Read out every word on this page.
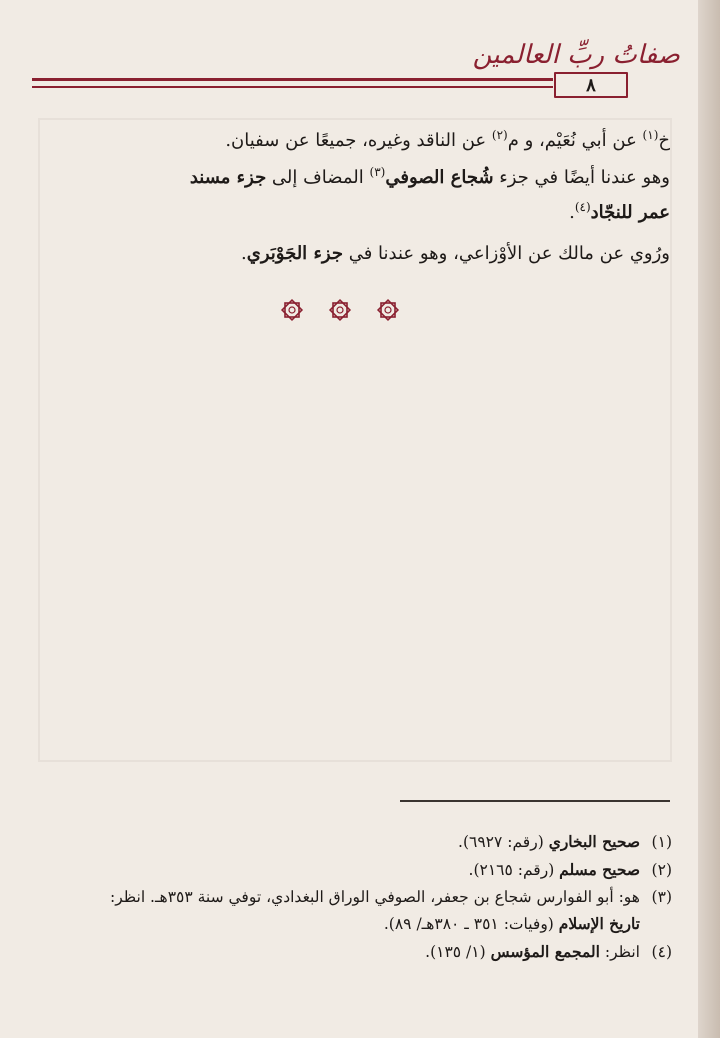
صفاتُ ربِّ العالمين
٨
خ$^{(١)}$ عن أبي نُعَيْم، و م$^{(٢)}$ عن الناقد وغيره، جميعًا عن سفيان.
وهو عندنا أيضًا في جزء شُجاع الصوفي$^{(٣)}$ المضاف إلى جزء مسند
عمر للنجّاد$^{(٤)}$.
ورُوي عن مالك عن الأوْزاعي، وهو عندنا في جزء الجَوْبَري.
(١)صحيح البخاري (رقم: ٦٩٢٧).
(٢)صحيح مسلم (رقم: ٢١٦٥).
(٣)هو: أبو الفوارس شجاع بن جعفر، الصوفي الوراق البغدادي، توفي سنة ٣٥٣هـ. انظر:
تاريخ الإسلام (وفيات: ٣٥١ ـ ٣٨٠هـ/ ٨٩).
(٤)انظر: المجمع المؤسس (١/ ١٣٥).
